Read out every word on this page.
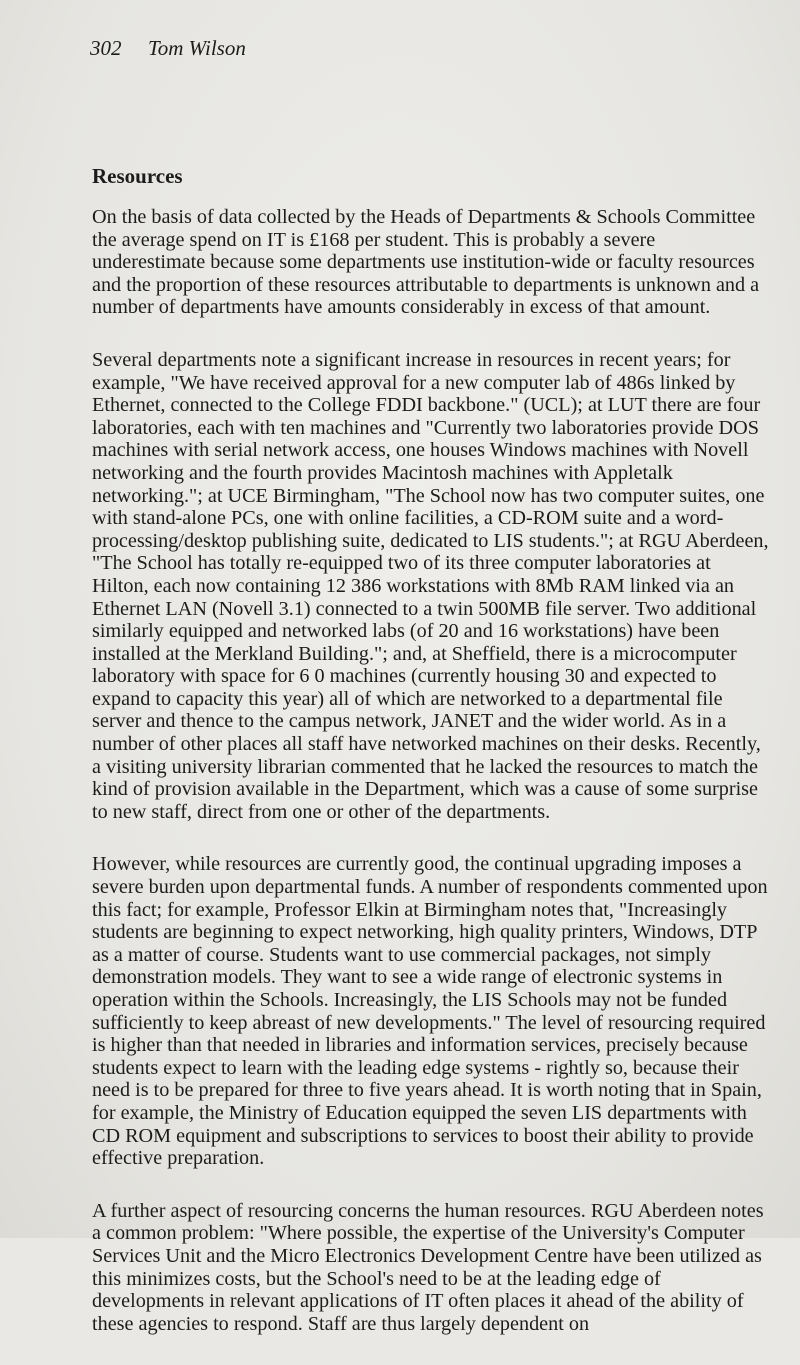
302 Tom Wilson
Resources

On the basis of data collected by the Heads of Departments & Schools Committee the average spend on IT is £168 per student. This is probably a severe underestimate because some departments use institution-wide or faculty resources and the proportion of these resources attributable to departments is unknown and a number of departments have amounts considerably in excess of that amount.

Several departments note a significant increase in resources in recent years; for example, "We have received approval for a new computer lab of 486s linked by Ethernet, connected to the College FDDI backbone." (UCL); at LUT there are four laboratories, each with ten machines and "Currently two laboratories provide DOS machines with serial network access, one houses Windows machines with Novell networking and the fourth provides Macintosh machines with Appletalk networking."; at UCE Birmingham, "The School now has two computer suites, one with stand-alone PCs, one with online facilities, a CD-ROM suite and a word-processing/desktop publishing suite, dedicated to LIS students."; at RGU Aberdeen, "The School has totally re-equipped two of its three computer laboratories at Hilton, each now containing 12 386 workstations with 8Mb RAM linked via an Ethernet LAN (Novell 3.1) connected to a twin 500MB file server. Two additional similarly equipped and networked labs (of 20 and 16 workstations) have been installed at the Merkland Building."; and, at Sheffield, there is a microcomputer laboratory with space for 6 0 machines (currently housing 30 and expected to expand to capacity this year) all of which are networked to a departmental file server and thence to the campus network, JANET and the wider world. As in a number of other places all staff have networked machines on their desks. Recently, a visiting university librarian commented that he lacked the resources to match the kind of provision available in the Department, which was a cause of some surprise to new staff, direct from one or other of the departments.

However, while resources are currently good, the continual upgrading imposes a severe burden upon departmental funds. A number of respondents commented upon this fact; for example, Professor Elkin at Birmingham notes that, "Increasingly students are beginning to expect networking, high quality printers, Windows, DTP as a matter of course. Students want to use commercial packages, not simply demonstration models. They want to see a wide range of electronic systems in operation within the Schools. Increasingly, the LIS Schools may not be funded sufficiently to keep abreast of new developments." The level of resourcing required is higher than that needed in libraries and information services, precisely because students expect to learn with the leading edge systems - rightly so, because their need is to be prepared for three to five years ahead. It is worth noting that in Spain, for example, the Ministry of Education equipped the seven LIS departments with CD ROM equipment and subscriptions to services to boost their ability to provide effective preparation.

A further aspect of resourcing concerns the human resources. RGU Aberdeen notes a common problem: "Where possible, the expertise of the University's Computer Services Unit and the Micro Electronics Development Centre have been utilized as this minimizes costs, but the School's need to be at the leading edge of developments in relevant applications of IT often places it ahead of the ability of these agencies to respond. Staff are thus largely dependent on
